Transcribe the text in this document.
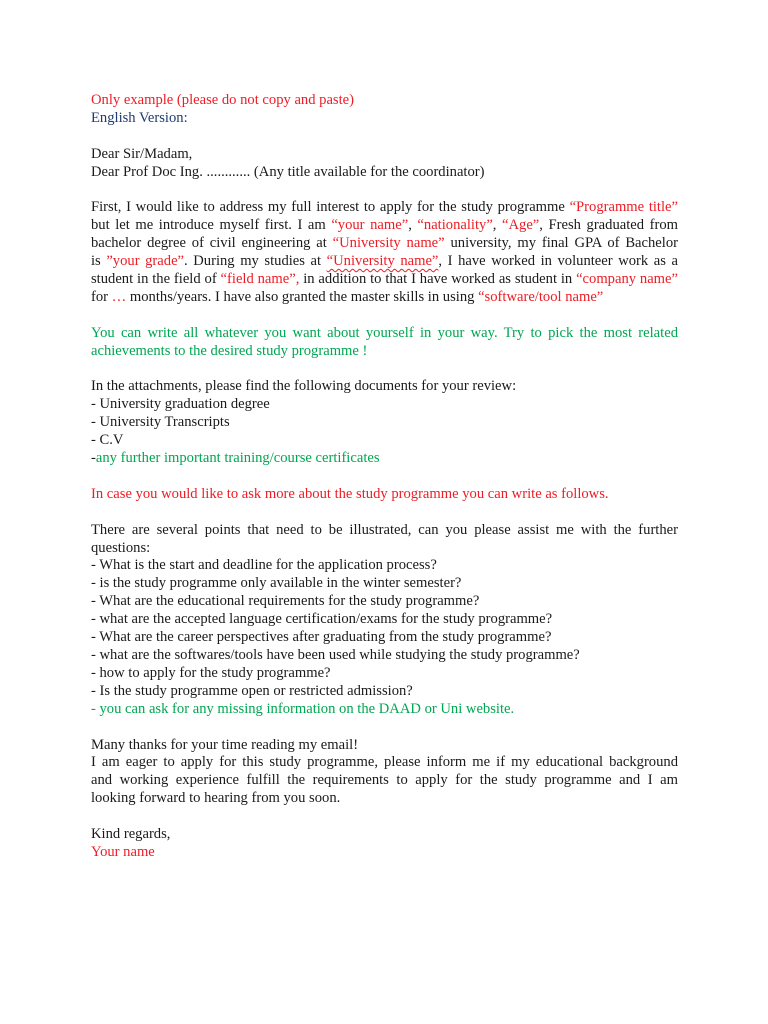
Only example (please do not copy and paste)
English Version:
Dear Sir/Madam,
Dear Prof Doc Ing. ............ (Any title available for the coordinator)
First, I would like to address my full interest to apply for the study programme “Programme title”
but let me introduce myself first. I am “your name”, “nationality”, “Age”, Fresh graduated from
bachelor degree of civil engineering at “University name” university, my final GPA of Bachelor
is ”your grade”. During my studies at “University name”, I have worked in volunteer work as a
student in the field of “field name”, in addition to that I have worked as student in “company name”
for … months/years. I have also granted the master skills in using “software/tool name”
You can write all whatever you want about yourself in your way. Try to pick the most related
achievements to the desired study programme !
In the attachments, please find the following documents for your review:
- University graduation degree
- University Transcripts
- C.V
-any further important training/course certificates
In case you would like to ask more about the study programme you can write as follows.
There are several points that need to be illustrated, can you please assist me with the further
questions:
- What is the start and deadline for the application process?
- is the study programme only available in the winter semester?
- What are the educational requirements for the study programme?
- what are the accepted language certification/exams for the study programme?
- What are the career perspectives after graduating from the study programme?
- what are the softwares/tools have been used while studying the study programme?
- how to apply for the study programme?
- Is the study programme open or restricted admission?
- you can ask for any missing information on the DAAD or Uni website.
Many thanks for your time reading my email!
I am eager to apply for this study programme, please inform me if my educational background
and working experience fulfill the requirements to apply for the study programme and I am
looking forward to hearing from you soon.
Kind regards,
Your name
